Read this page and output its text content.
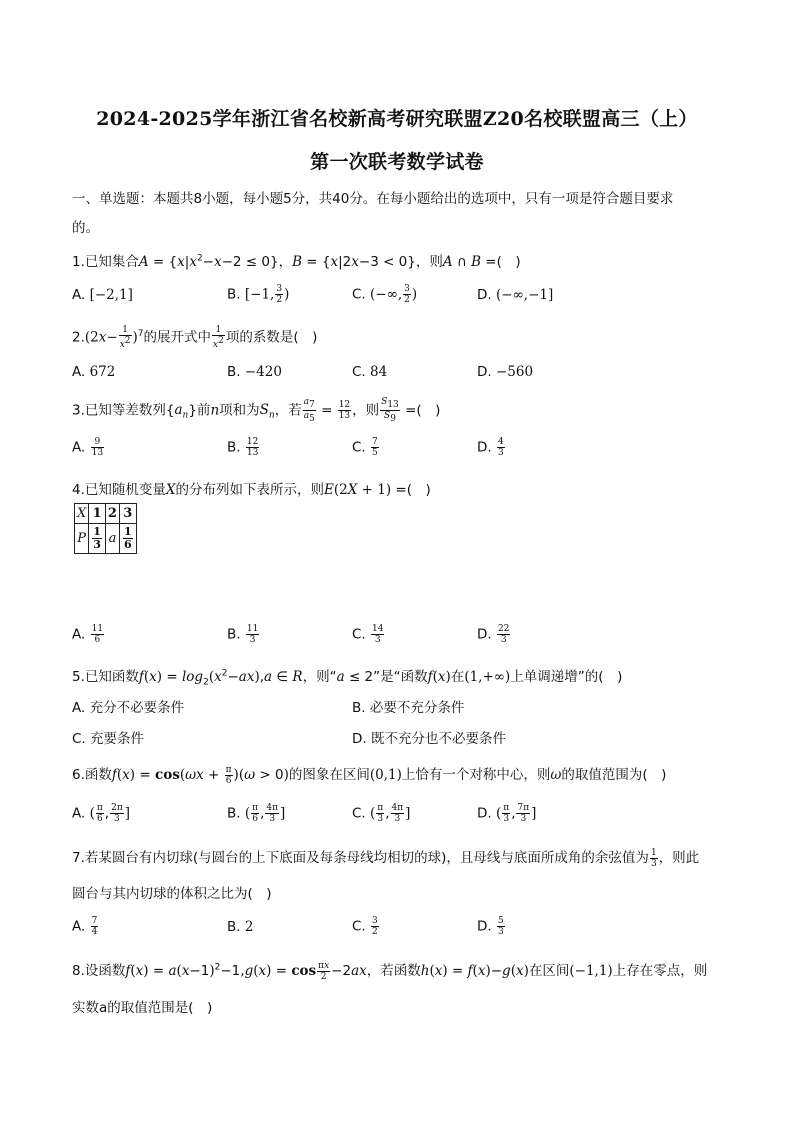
2024-2025学年浙江省名校新高考研究联盟Z20名校联盟高三（上）
第一次联考数学试卷
一、单选题：本题共8小题，每小题5分，共40分。在每小题给出的选项中，只有一项是符合题目要求
的。
1.已知集合$A = \{x|x^2-x-2 \le 0\}$，B = {x|2x−3 < 0}，则A ∩ B =(　)
A. [−2,1]	B. [−1, $\frac{3}{2}$ )	C. (−∞, $\frac{3}{2}$ )	D. (−∞,−1]
$2.(2x- \frac{1}{x^2} )^7$的展开式中 $\frac{1}{x^2}$ 项的系数是(　)
A. 672	B. −420	C. 84	D. −560
3.已知等差数列$\{a_n\}$前n项和为$S_n$，若 $\frac{a_7}{a_5} = \frac{12}{13}$ ，则 $\frac{S_{13}}{S_9}$ =(　)
A. $\frac{9}{13}$	B. $\frac{12}{13}$	C. $\frac{7}{5}$	D. $\frac{4}{3}$
4.已知随机变量X的分布列如下表所示，则E(2X + 1) =(　)
X	1	2	3
P	$\frac{1}{3}$	a	$\frac{1}{6}$
A. $\frac{11}{6}$	B. $\frac{11}{3}$	C. $\frac{14}{3}$	D. $\frac{22}{3}$
5.已知函数$f(x) = \log_2(x^2-ax),a$ ∈ R，则“a ≤ 2”是“函数f(x)在(1,+∞)上单调递增”的(　)
A. 充分不必要条件	B. 必要不充分条件
C. 充要条件	D. 既不充分也不必要条件
6.函数$f(x) = \cos(\omega x + \frac{\pi}{6} )(\omega > 0)$的图象在区间(0,1)上恰有一个对称中心，则ω的取值范围为(　)
A. ( $\frac{\pi}{6}$ , $\frac{2\pi}{3}$ ]	B. ( $\frac{\pi}{6}$ , $\frac{4\pi}{3}$ ]	C. ( $\frac{\pi}{3}$ , $\frac{4\pi}{3}$ ]	D. ( $\frac{\pi}{3}$ , $\frac{7\pi}{3}$ ]
7.若某圆台有内切球(与圆台的上下底面及每条母线均相切的球)，且母线与底面所成角的余弦值为 $\frac{1}{3}$ ，则此
圆台与其内切球的体积之比为(　)
A. $\frac{7}{4}$	B. 2	C. $\frac{3}{2}$	D. $\frac{5}{3}$
8.设函数$f(x) = a(x-1)^2-1,g(x) = \cos \frac{\pi x}{2} -2ax$，若函数h(x) = f(x)−g(x)在区间(−1,1)上存在零点，则
实数a的取值范围是(　)
